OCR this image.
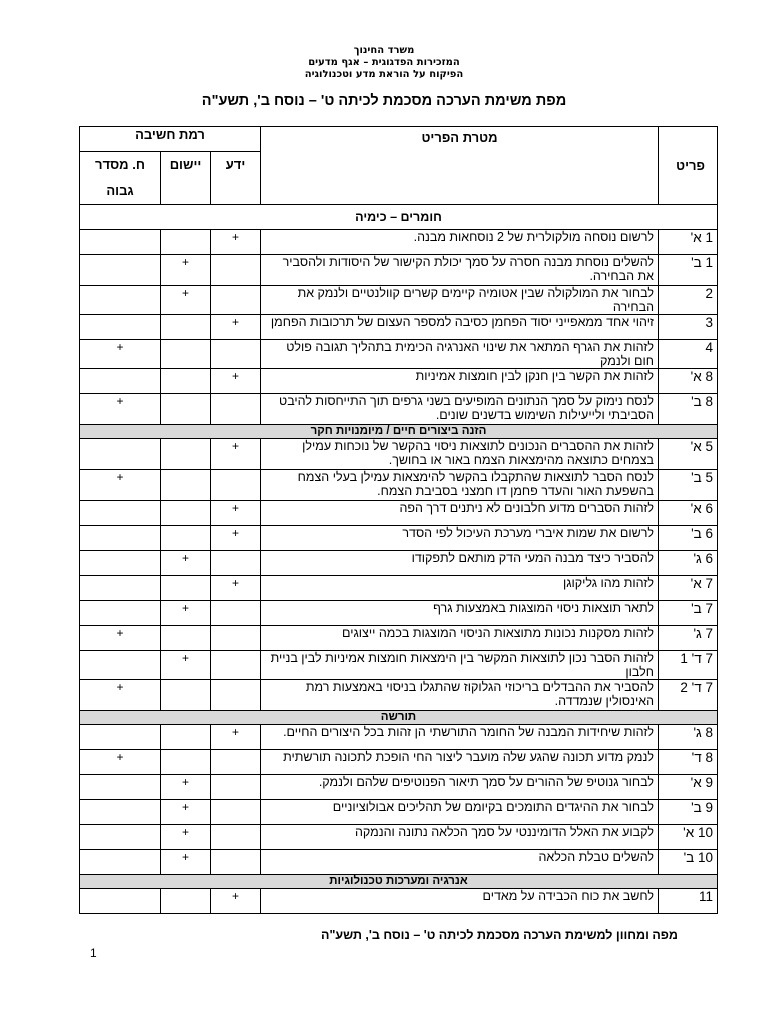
משרד החינוך
המזכירות הפדגוגית – אגף מדעים
הפיקוח על הוראת מדע וטכנולוגיה
מפת משימת הערכה מסכמת לכיתה ט' – נוסח ב', תשע"ה
פריט	מטרת הפריט	רמת חשיבה		
		ידע	יישום	ח. מסדר
גבוה
חומרים – כימיה				
1 א'	לרשום נוסחה מולקולרית של 2 נוסחאות מבנה.	+		
1 ב'	להשלים נוסחת מבנה חסרה על סמך יכולת הקישור של היסודות ולהסביר את הבחירה.		+	
2	לבחור את המולקולה שבין אטומיה קיימים קשרים קוולנטיים ולנמק את הבחירה		+	
3	זיהוי אחד ממאפייני יסוד הפחמן כסיבה למספר העצום של תרכובות הפחמן	+		
4	לזהות את הגרף המתאר את שינוי האנרגיה הכימית בתהליך תגובה פולט חום ולנמק			+
8 א'	לזהות את הקשר בין חנקן לבין חומצות אמיניות	+		
8 ב'	לנסח נימוק על סמך הנתונים המופיעים בשני גרפים תוך התייחסות להיבט הסביבתי ולייעילות השימוש בדשנים שונים.			+
הזנה ביצורים חיים / מיומנויות חקר				
5 א'	לזהות את ההסברים הנכונים לתוצאות ניסוי בהקשר של נוכחות עמילן בצמחים כתוצאה מהימצאות הצמח באור או בחושך.	+		
5 ב'	לנסח הסבר לתוצאות שהתקבלו בהקשר להימצאות עמילן בעלי הצמח בהשפעת האור והעדר פחמן דו חמצני בסביבת הצמח.			+
6 א'	לזהות הסברים מדוע חלבונים לא ניתנים דרך הפה	+		
6 ב'	לרשום את שמות איברי מערכת העיכול לפי הסדר	+		
6 ג'	להסביר כיצד מבנה המעי הדק מותאם לתפקודו		+	
7 א'	לזהות מהו גליקוגן	+		
7 ב'	לתאר תוצאות ניסוי המוצגות באמצעות גרף		+	
7 ג'	לזהות מסקנות נכונות מתוצאות הניסוי המוצגות בכמה ייצוגים			+
7 ד' 1	לזהות הסבר נכון לתוצאות המקשר בין הימצאות חומצות אמיניות לבין בניית חלבון		+	
7 ד' 2	להסביר את ההבדלים בריכוזי הגלוקוז שהתגלו בניסוי באמצעות רמת האינסולין שנמדדה.			+
תורשה				
8 ג'	לזהות שיחידות המבנה של החומר התורשתי הן זהות בכל היצורים החיים.	+		
8 ד'	לנמק מדוע תכונה שהגע שלה מועבר ליצור החי הופכת לתכונה תורשתית			+
9 א'	לבחור גנוטיפ של ההורים על סמך תיאור הפנוטיפים שלהם ולנמק.		+	
9 ב'	לבחור את ההיגדים התומכים בקיומם של תהליכים אבולוציוניים		+	
10 א'	לקבוע את האלל הדומיננטי על סמך הכלאה נתונה והנמקה		+	
10 ב'	להשלים טבלת הכלאה		+	
אנרגיה ומערכות טכנולוגיות				
11	לחשב את כוח הכבידה על מאדים	+		
מפה ומחוון למשימת הערכה מסכמת לכיתה ט' – נוסח ב', תשע"ה
1
